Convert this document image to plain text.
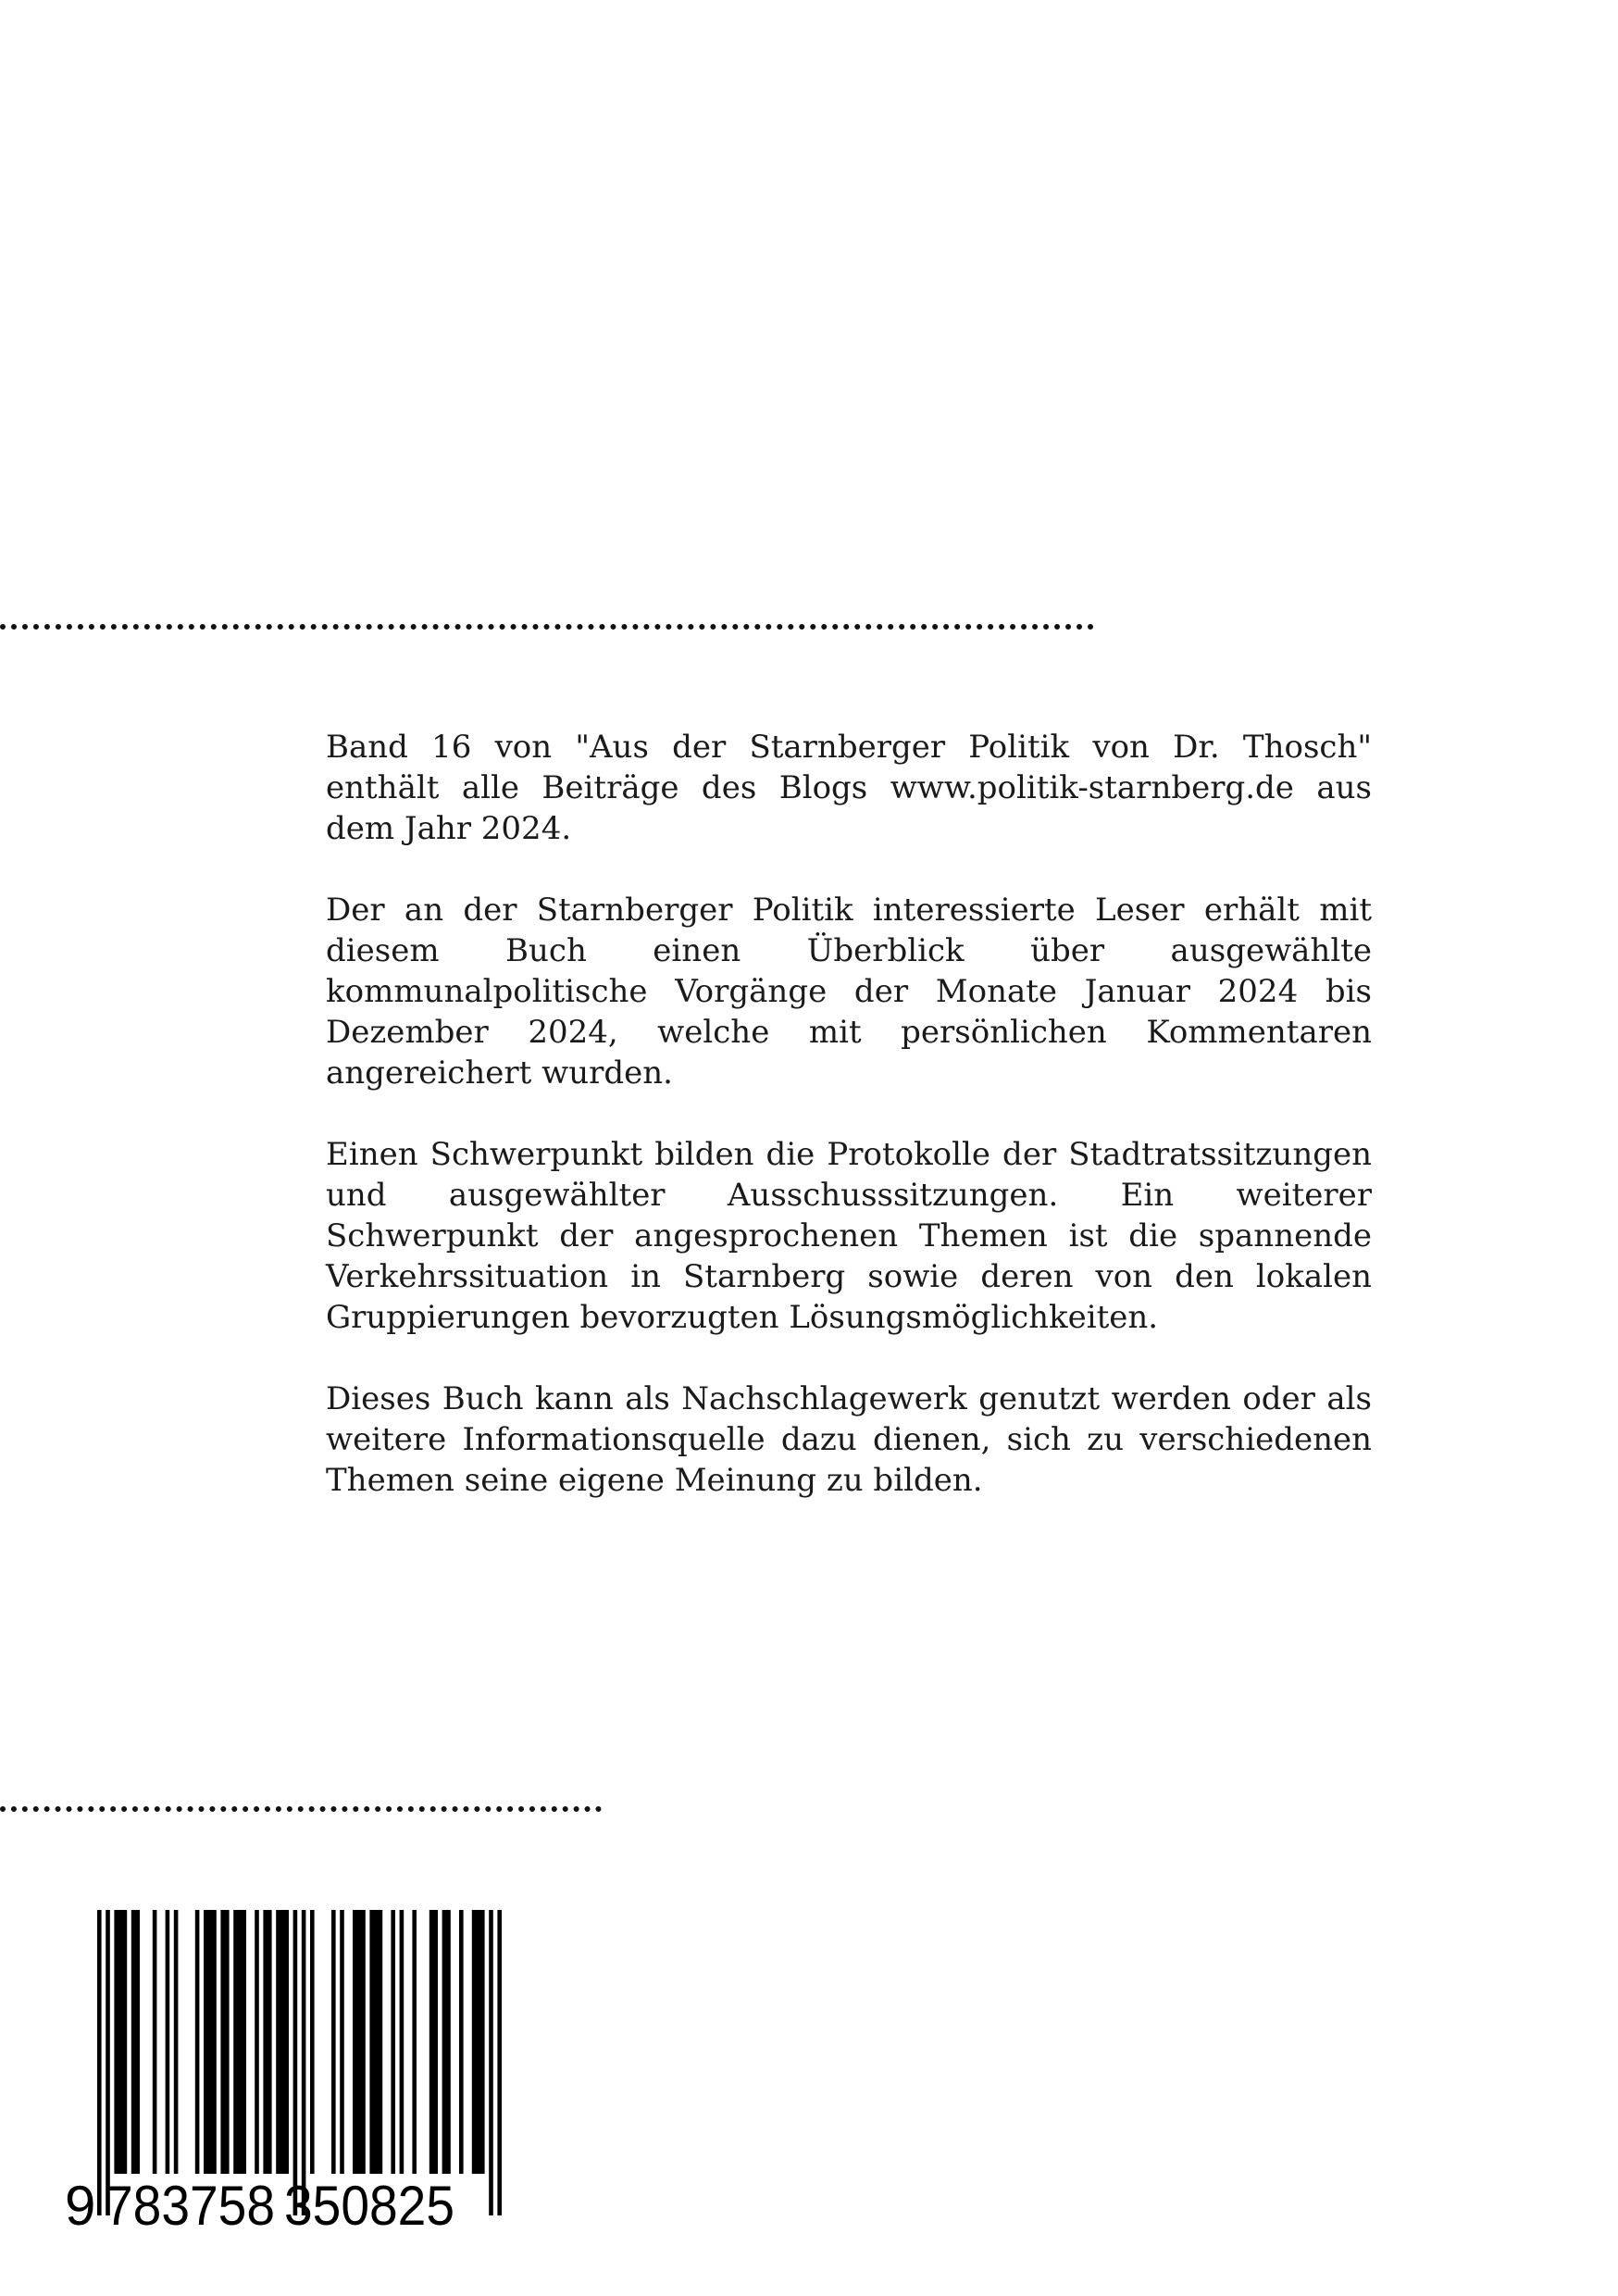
Band 16 von "Aus der Starnberger Politik von Dr. Thosch" enthält alle Beiträge des Blogs www.politik-starnberg.de aus dem Jahr 2024.

Der an der Starnberger Politik interessierte Leser erhält mit diesem Buch einen Überblick über ausgewählte kommunalpolitische Vorgänge der Monate Januar 2024 bis Dezember 2024, welche mit persönlichen Kommentaren angereichert wurden.

Einen Schwerpunkt bilden die Protokolle der Stadtratssitzungen und ausgewählter Ausschusssitzungen. Ein weiterer Schwerpunkt der angesprochenen Themen ist die spannende Verkehrssituation in Starnberg sowie deren von den lokalen Gruppierungen bevorzugten Lösungsmöglichkeiten.

Dieses Buch kann als Nachschlagewerk genutzt werden oder als weitere Informationsquelle dazu dienen, sich zu verschiedenen Themen seine eigene Meinung zu bilden.

9 783758 350825
